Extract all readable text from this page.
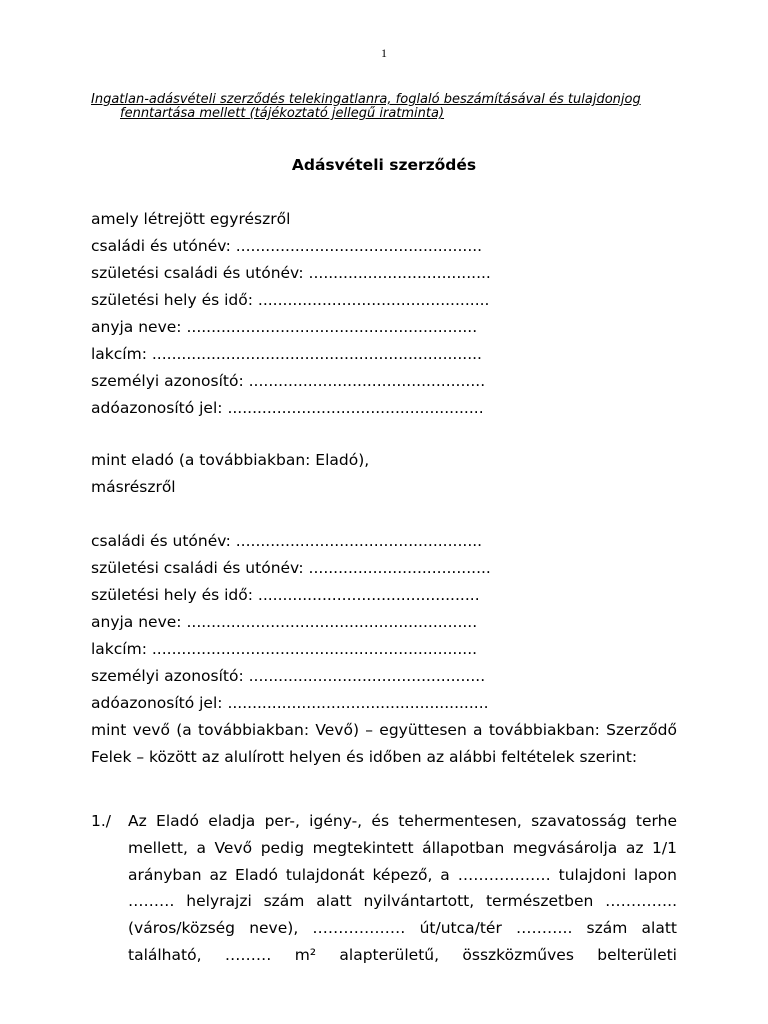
1
Ingatlan-adásvételi szerződés telekingatlanra, foglaló beszámításával és tulajdonjog
fenntartása mellett (tájékoztató jellegű iratminta)
Adásvételi szerződés
amely létrejött egyrészről
családi és utónév: ..................................................
születési családi és utónév: .....................................
születési hely és idő: ...............................................
anyja neve: ...........................................................
lakcím: ...................................................................
személyi azonosító: ................................................
adóazonosító jel: ....................................................
mint eladó (a továbbiakban: Eladó),
másrészről
családi és utónév: ..................................................
születési családi és utónév: .....................................
születési hely és idő: .............................................
anyja neve: ...........................................................
lakcím: ..................................................................
személyi azonosító: ................................................
adóazonosító jel: .....................................................
mint vevő (a továbbiakban: Vevő) – együttesen a továbbiakban: Szerződő
Felek – között az alulírott helyen és időben az alábbi feltételek szerint:
1./ Az Eladó eladja per-, igény-, és tehermentesen, szavatosság terhe
mellett, a Vevő pedig megtekintett állapotban megvásárolja az 1/1
arányban az Eladó tulajdonát képező, a ……………… tulajdoni lapon
……… helyrajzi szám alatt nyilvántartott, természetben …………..
(város/község neve), ……………… út/utca/tér ……….. szám alatt
található, ……… m² alapterületű, összközműves belterületi
